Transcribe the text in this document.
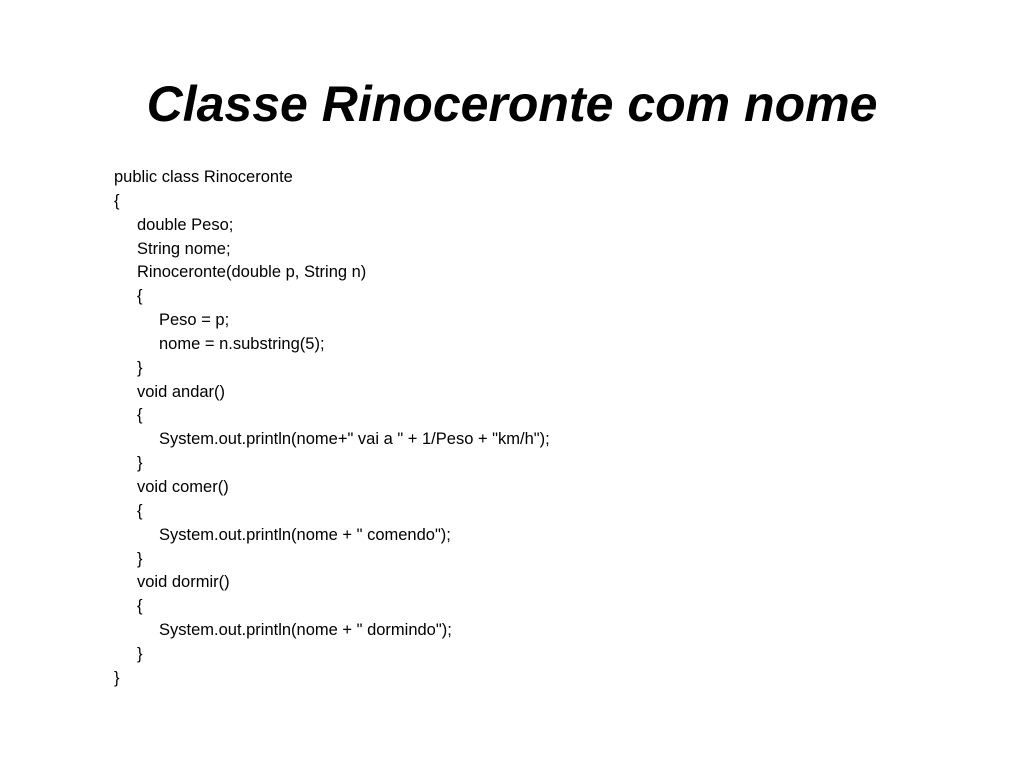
Classe Rinoceronte com nome
public class Rinoceronte
{
double Peso;
String nome;
Rinoceronte(double p, String n)
{
Peso = p;
nome = n.substring(5);
}
void andar()
{
System.out.println(nome+" vai a " + 1/Peso + "km/h");
}
void comer()
{
System.out.println(nome + " comendo");
}
void dormir()
{
System.out.println(nome + " dormindo");
}
}
